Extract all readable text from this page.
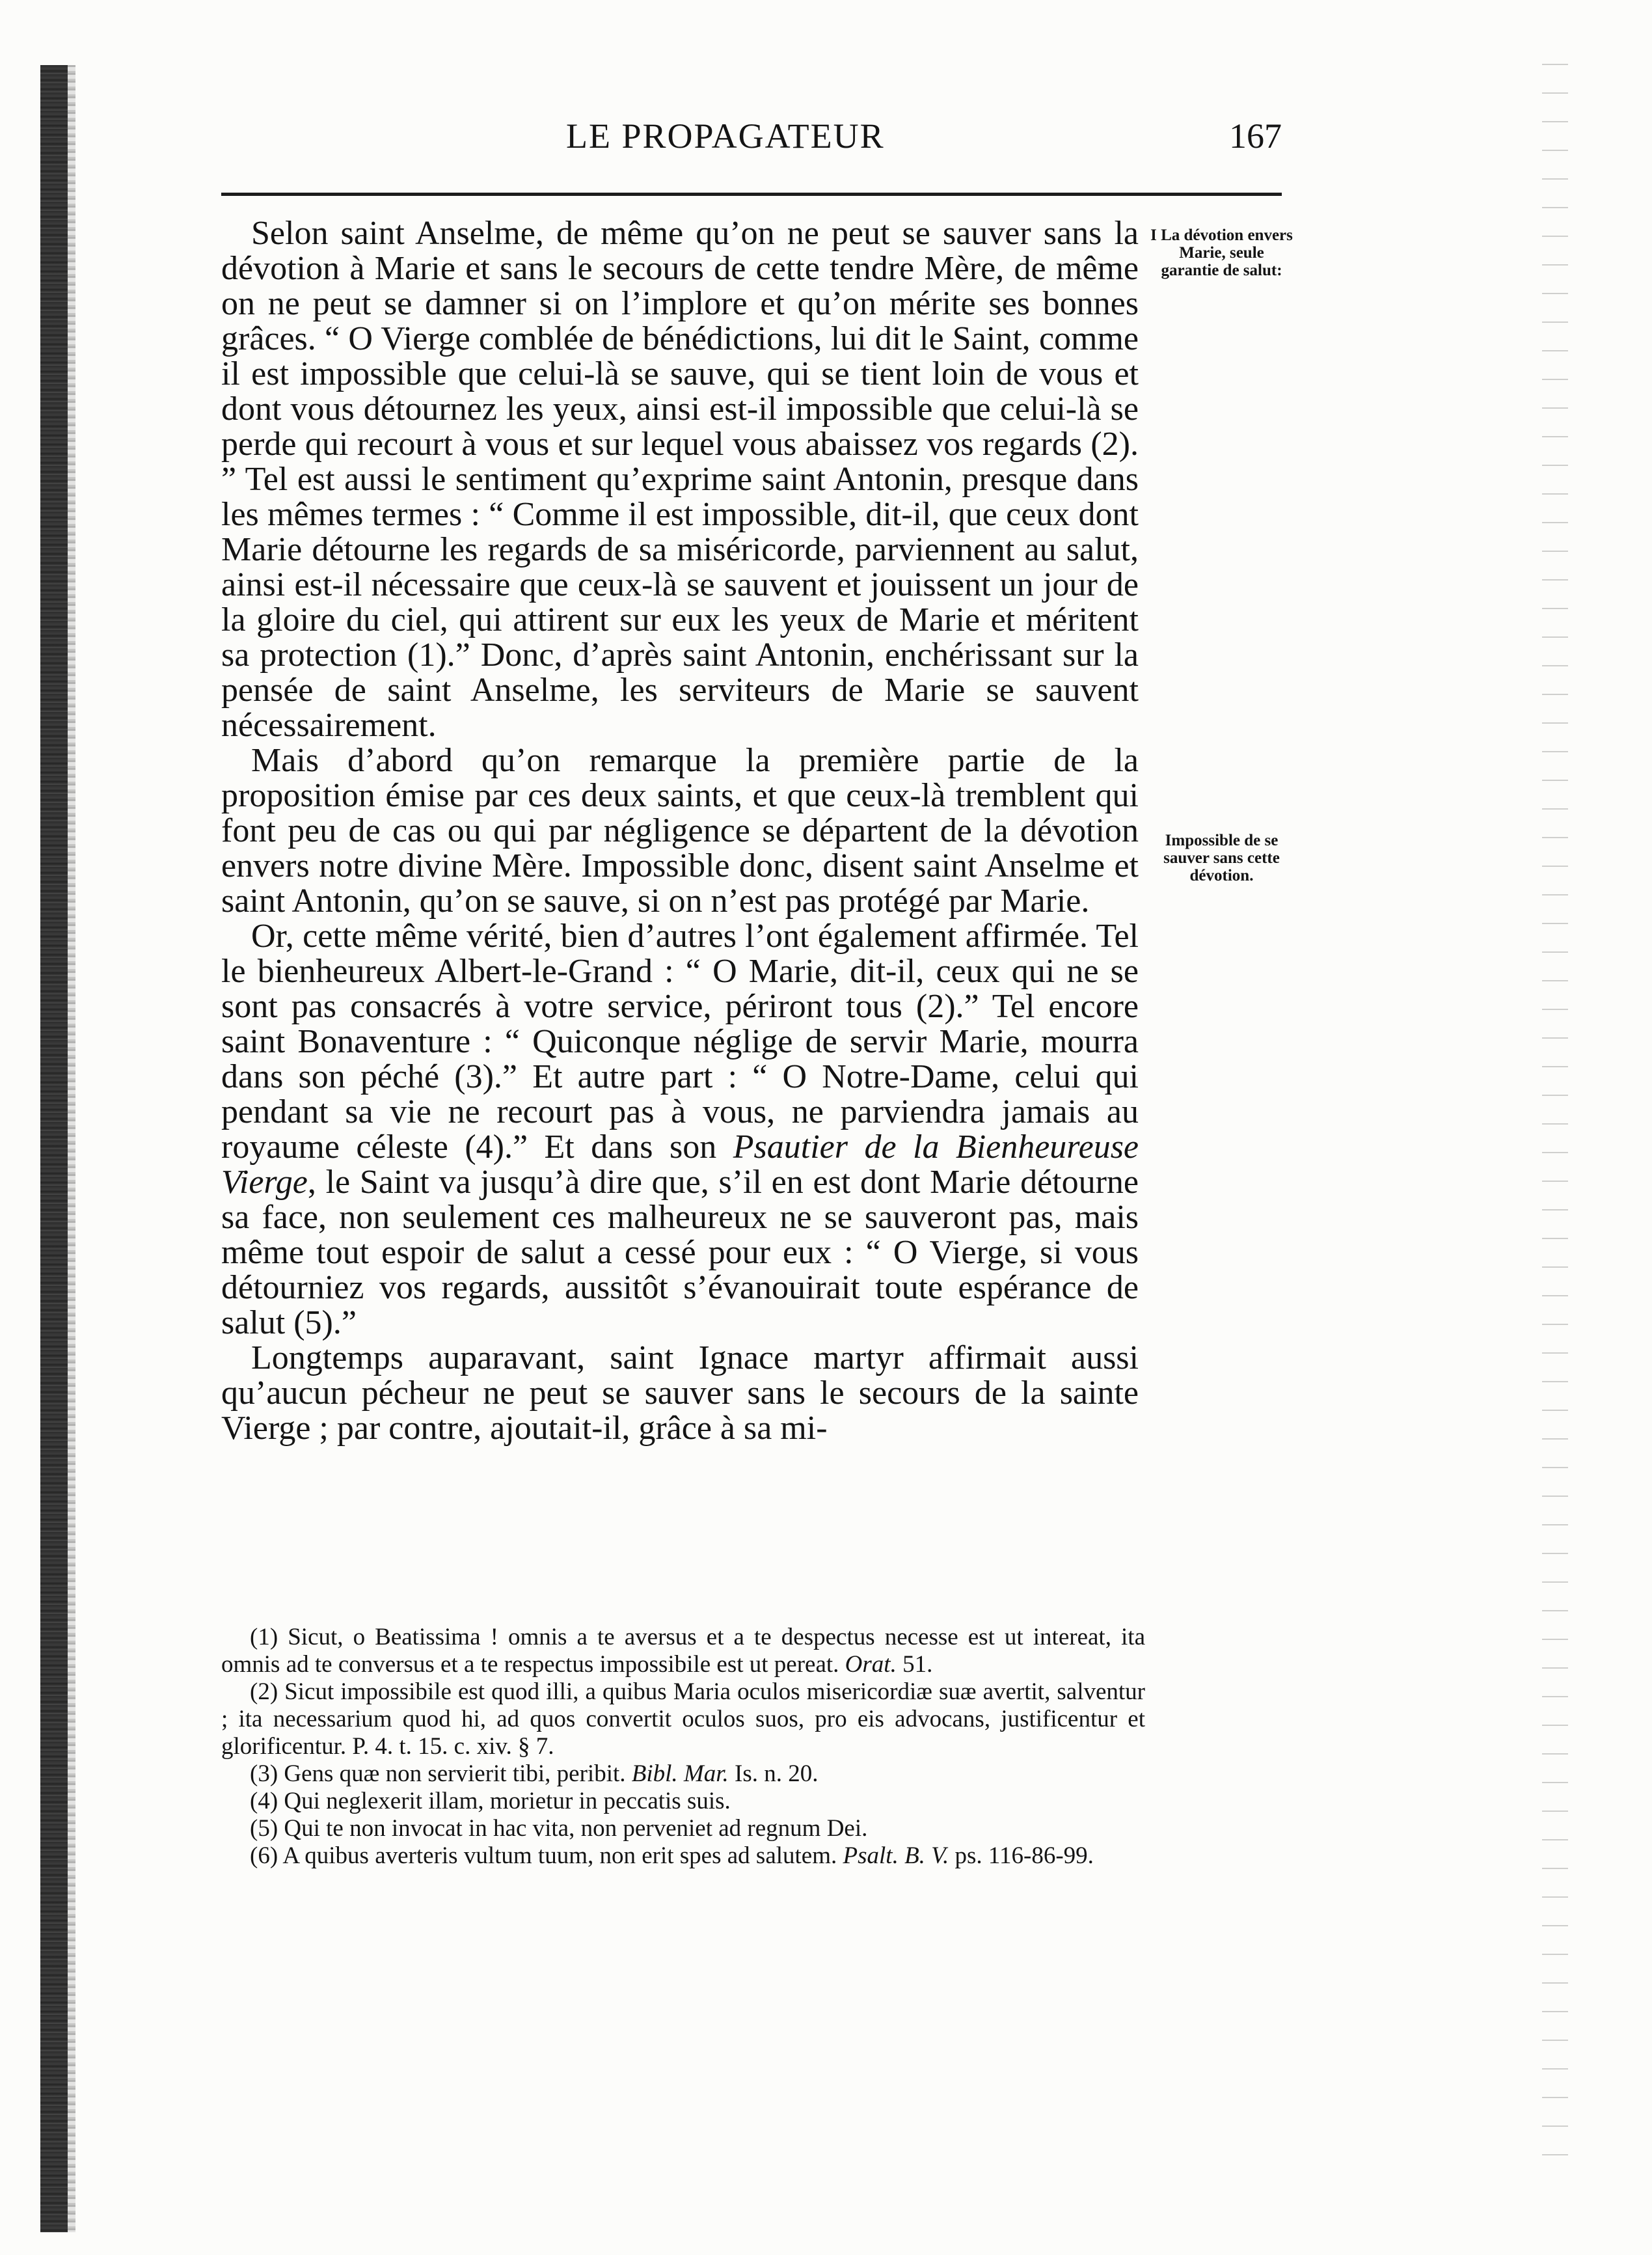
LE PROPAGATEUR	167

Selon saint Anselme, de même qu’on ne peut se sauver sans la dévotion à Marie et sans le secours de cette tendre Mère, de même on ne peut se damner si on l’implore et qu’on mérite ses bonnes grâces. “ O Vierge comblée de bénédictions, lui dit le Saint, comme il est impossible que celui-là se sauve, qui se tient loin de vous et dont vous détournez les yeux, ainsi est-il impossible que celui-là se perde qui recourt à vous et sur lequel vous abaissez vos regards (2). ” Tel est aussi le sentiment qu’exprime saint Antonin, presque dans les mêmes termes : “ Comme il est impossible, dit-il, que ceux dont Marie détourne les regards de sa miséricorde, parviennent au salut, ainsi est-il nécessaire que ceux-là se sauvent et jouissent un jour de la gloire du ciel, qui attirent sur eux les yeux de Marie et méritent sa protection (1).” Donc, d’après saint Antonin, enchérissant sur la pensée de saint Anselme, les serviteurs de Marie se sauvent nécessairement.

Mais d’abord qu’on remarque la première partie de la proposition émise par ces deux saints, et que ceux-là tremblent qui font peu de cas ou qui par négligence se départent de la dévotion envers notre divine Mère. Impossible donc, disent saint Anselme et saint Antonin, qu’on se sauve, si on n’est pas protégé par Marie.

Or, cette même vérité, bien d’autres l’ont également affirmée. Tel le bienheureux Albert-le-Grand : “ O Marie, dit-il, ceux qui ne se sont pas consacrés à votre service, périront tous (2).” Tel encore saint Bonaventure : “ Quiconque néglige de servir Marie, mourra dans son péché (3).” Et autre part : “ O Notre-Dame, celui qui pendant sa vie ne recourt pas à vous, ne parviendra jamais au royaume céleste (4).” Et dans son Psautier de la Bienheureuse Vierge, le Saint va jusqu’à dire que, s’il en est dont Marie détourne sa face, non seulement ces malheureux ne se sauveront pas, mais même tout espoir de salut a cessé pour eux : “ O Vierge, si vous détourniez vos regards, aussitôt s’évanouirait toute espérance de salut (5).”

Longtemps auparavant, saint Ignace martyr affirmait aussi qu’aucun pécheur ne peut se sauver sans le secours de la sainte Vierge ; par contre, ajoutait-il, grâce à sa mi-

I La dévotion envers Marie, seule garantie de salut:
Impossible de se sauver sans cette dévotion.

(1) Sicut, o Beatissima ! omnis a te aversus et a te despectus necesse est ut intereat, ita omnis ad te conversus et a te respectus impossibile est ut pereat. Orat. 51.

(2) Sicut impossibile est quod illi, a quibus Maria oculos misericordiæ suæ avertit, salventur ; ita necessarium quod hi, ad quos convertit oculos suos, pro eis advocans, justificentur et glorificentur. P. 4. t. 15. c. xiv. § 7.

(3) Gens quæ non servierit tibi, peribit. Bibl. Mar. Is. n. 20.

(4) Qui neglexerit illam, morietur in peccatis suis.

(5) Qui te non invocat in hac vita, non perveniet ad regnum Dei.

(6) A quibus averteris vultum tuum, non erit spes ad salutem. Psalt. B. V. ps. 116-86-99.
